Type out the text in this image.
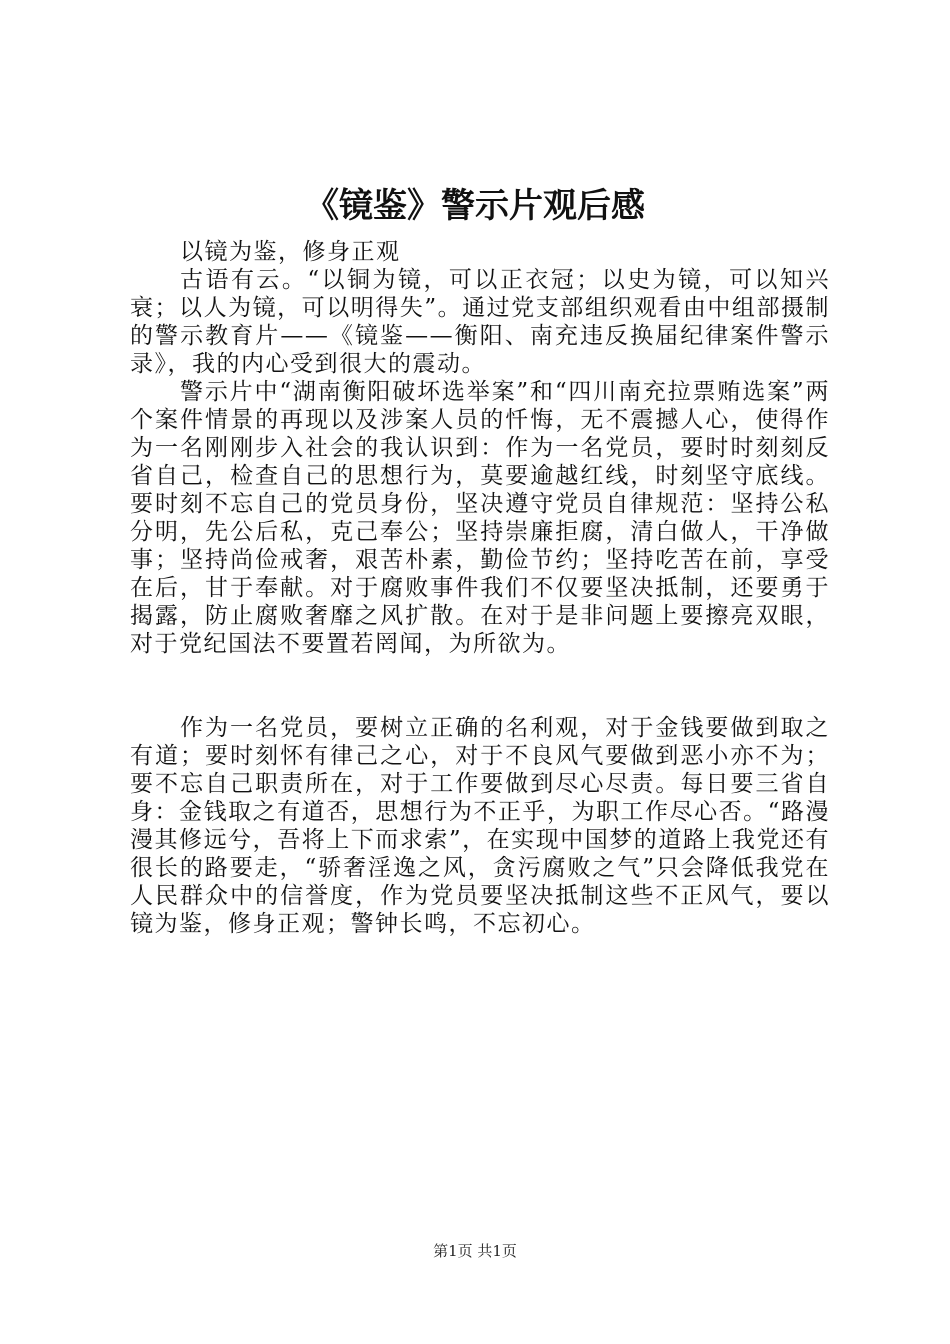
《镜鉴》警示片观后感

以镜为鉴，修身正观

古语有云。“以铜为镜，可以正衣冠；以史为镜，可以知兴衰；以人为镜，可以明得失”。通过党支部组织观看由中组部摄制的警示教育片——《镜鉴——衡阳、南充违反换届纪律案件警示录》，我的内心受到很大的震动。

警示片中“湖南衡阳破坏选举案”和“四川南充拉票贿选案”两个案件情景的再现以及涉案人员的忏悔，无不震撼人心，使得作为一名刚刚步入社会的我认识到：作为一名党员，要时时刻刻反省自己，检查自己的思想行为，莫要逾越红线，时刻坚守底线。要时刻不忘自己的党员身份，坚决遵守党员自律规范：坚持公私分明，先公后私，克己奉公；坚持崇廉拒腐，清白做人，干净做事；坚持尚俭戒奢，艰苦朴素，勤俭节约；坚持吃苦在前，享受在后，甘于奉献。对于腐败事件我们不仅要坚决抵制，还要勇于揭露，防止腐败奢靡之风扩散。在对于是非问题上要擦亮双眼，对于党纪国法不要置若罔闻，为所欲为。

作为一名党员，要树立正确的名利观，对于金钱要做到取之有道；要时刻怀有律己之心，对于不良风气要做到恶小亦不为；要不忘自己职责所在，对于工作要做到尽心尽责。每日要三省自身：金钱取之有道否，思想行为不正乎，为职工作尽心否。“路漫漫其修远兮，吾将上下而求索”，在实现中国梦的道路上我党还有很长的路要走，“骄奢淫逸之风，贪污腐败之气”只会降低我党在人民群众中的信誉度，作为党员要坚决抵制这些不正风气，要以镜为鉴，修身正观；警钟长鸣，不忘初心。

第1页 共1页
